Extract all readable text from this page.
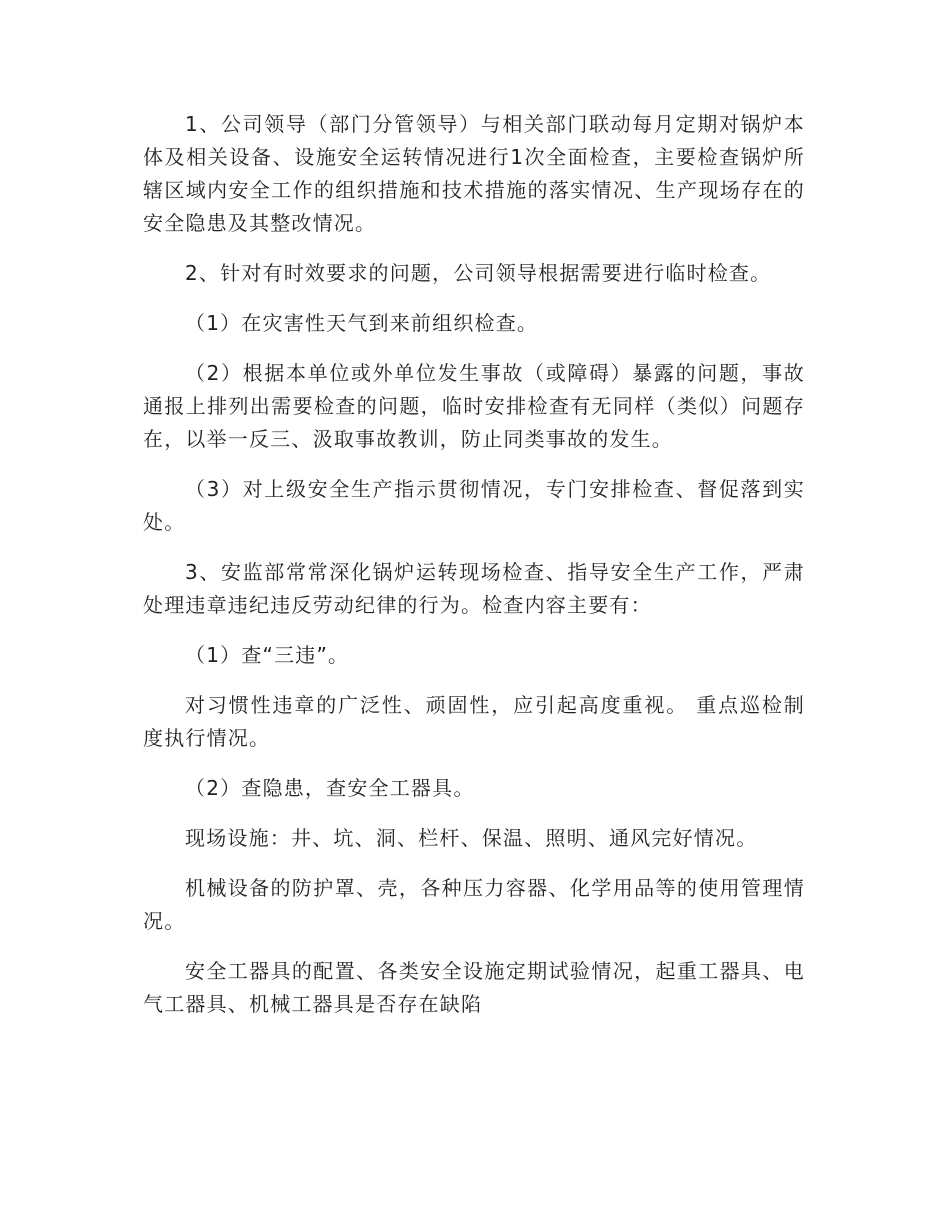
1、公司领导（部门分管领导）与相关部门联动每月定期对锅炉本体及相关设备、设施安全运转情况进行1次全面检查，主要检查锅炉所辖区域内安全工作的组织措施和技术措施的落实情况、生产现场存在的安全隐患及其整改情况。

2、针对有时效要求的问题，公司领导根据需要进行临时检查。

（1）在灾害性天气到来前组织检查。

（2）根据本单位或外单位发生事故（或障碍）暴露的问题，事故通报上排列出需要检查的问题，临时安排检查有无同样（类似）问题存在，以举一反三、汲取事故教训，防止同类事故的发生。

（3）对上级安全生产指示贯彻情况，专门安排检查、督促落到实处。

3、安监部常常深化锅炉运转现场检查、指导安全生产工作，严肃处理违章违纪违反劳动纪律的行为。检查内容主要有：

（1）查“三违”。

对习惯性违章的广泛性、顽固性，应引起高度重视。 重点巡检制度执行情况。

（2）查隐患，查安全工器具。

现场设施：井、坑、洞、栏杆、保温、照明、通风完好情况。

机械设备的防护罩、壳，各种压力容器、化学用品等的使用管理情况。

安全工器具的配置、各类安全设施定期试验情况，起重工器具、电气工器具、机械工器具是否存在缺陷
